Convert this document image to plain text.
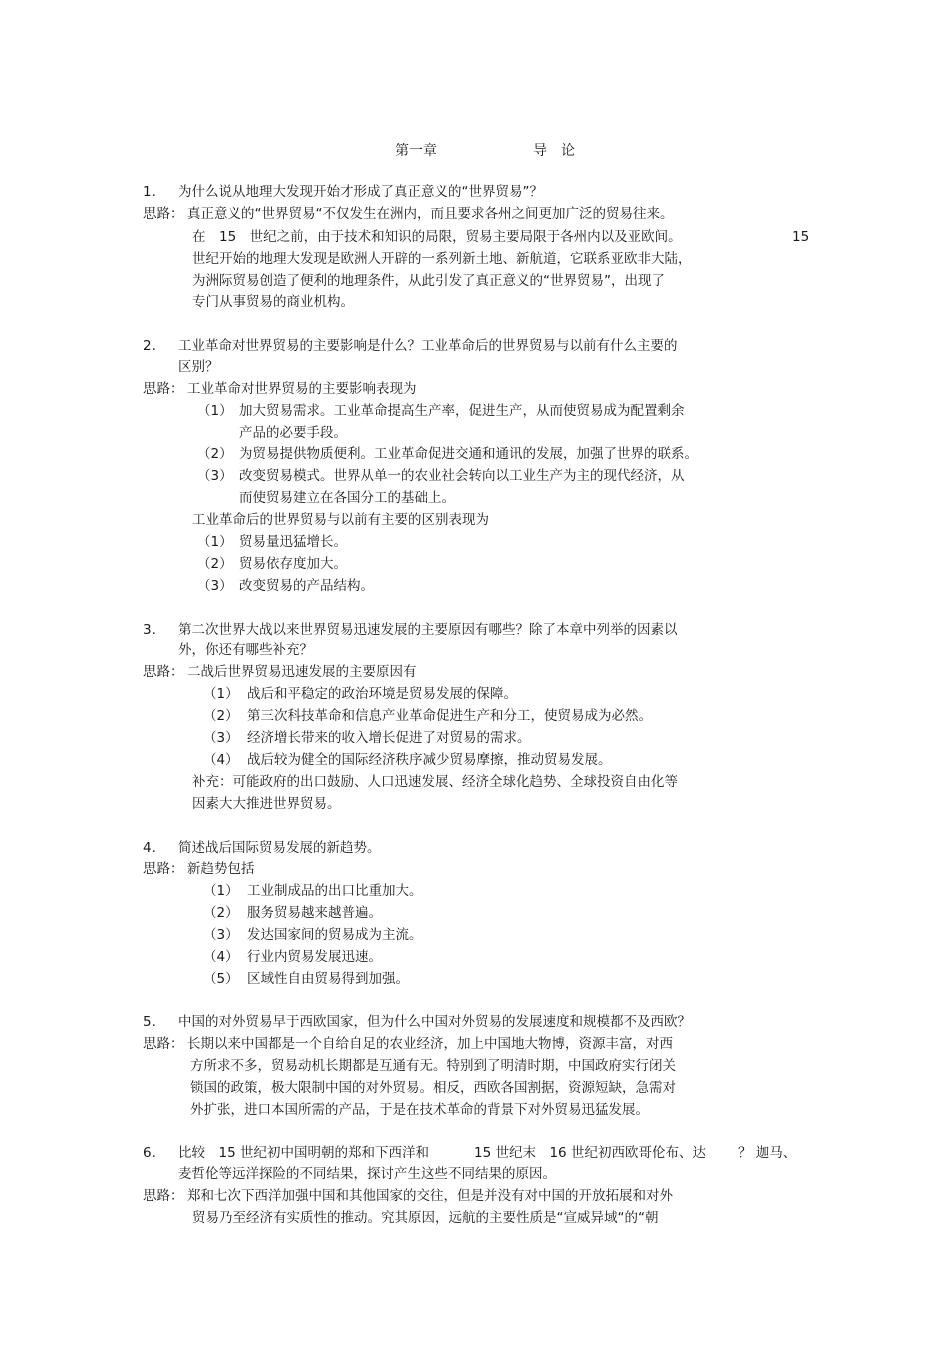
第一章	导　论
1. 为什么说从地理大发现开始才形成了真正意义的“世界贸易”？
思路： 真正意义的“世界贸易“不仅发生在洲内，而且要求各州之间更加广泛的贸易往来。
在　15　世纪之前，由于技术和知识的局限，贸易主要局限于各州内以及亚欧间。	15
世纪开始的地理大发现是欧洲人开辟的一系列新土地、新航道，它联系亚欧非大陆，
为洲际贸易创造了便利的地理条件，从此引发了真正意义的“世界贸易”，出现了
专门从事贸易的商业机构。
2. 工业革命对世界贸易的主要影响是什么？工业革命后的世界贸易与以前有什么主要的
区别？
思路： 工业革命对世界贸易的主要影响表现为
（1） 加大贸易需求。工业革命提高生产率，促进生产，从而使贸易成为配置剩余
产品的必要手段。
（2） 为贸易提供物质便利。工业革命促进交通和通讯的发展，加强了世界的联系。
（3） 改变贸易模式。世界从单一的农业社会转向以工业生产为主的现代经济，从
而使贸易建立在各国分工的基础上。
工业革命后的世界贸易与以前有主要的区别表现为
（1） 贸易量迅猛增长。
（2） 贸易依存度加大。
（3） 改变贸易的产品结构。
3. 第二次世界大战以来世界贸易迅速发展的主要原因有哪些？除了本章中列举的因素以
外，你还有哪些补充？
思路： 二战后世界贸易迅速发展的主要原因有
（1） 战后和平稳定的政治环境是贸易发展的保障。
（2） 第三次科技革命和信息产业革命促进生产和分工，使贸易成为必然。
（3） 经济增长带来的收入增长促进了对贸易的需求。
（4） 战后较为健全的国际经济秩序减少贸易摩擦，推动贸易发展。
补充：可能政府的出口鼓励、人口迅速发展、经济全球化趋势、全球投资自由化等
因素大大推进世界贸易。
4. 简述战后国际贸易发展的新趋势。
思路： 新趋势包括
（1） 工业制成品的出口比重加大。
（2） 服务贸易越来越普遍。
（3） 发达国家间的贸易成为主流。
（4） 行业内贸易发展迅速。
（5） 区域性自由贸易得到加强。
5. 中国的对外贸易早于西欧国家，但为什么中国对外贸易的发展速度和规模都不及西欧？
思路： 长期以来中国都是一个自给自足的农业经济，加上中国地大物博，资源丰富，对西
方所求不多，贸易动机长期都是互通有无。特别到了明清时期，中国政府实行闭关
锁国的政策，极大限制中国的对外贸易。相反，西欧各国割据，资源短缺，急需对
外扩张，进口本国所需的产品，于是在技术革命的背景下对外贸易迅猛发展。
6. 比较　15 世纪初中国明朝的郑和下西洋和	15 世纪末　16 世纪初西欧哥伦布、达 ？ 迦马、
麦哲伦等远洋探险的不同结果，探讨产生这些不同结果的原因。
思路： 郑和七次下西洋加强中国和其他国家的交往，但是并没有对中国的开放拓展和对外
贸易乃至经济有实质性的推动。究其原因，远航的主要性质是“宣威异域“的“朝
